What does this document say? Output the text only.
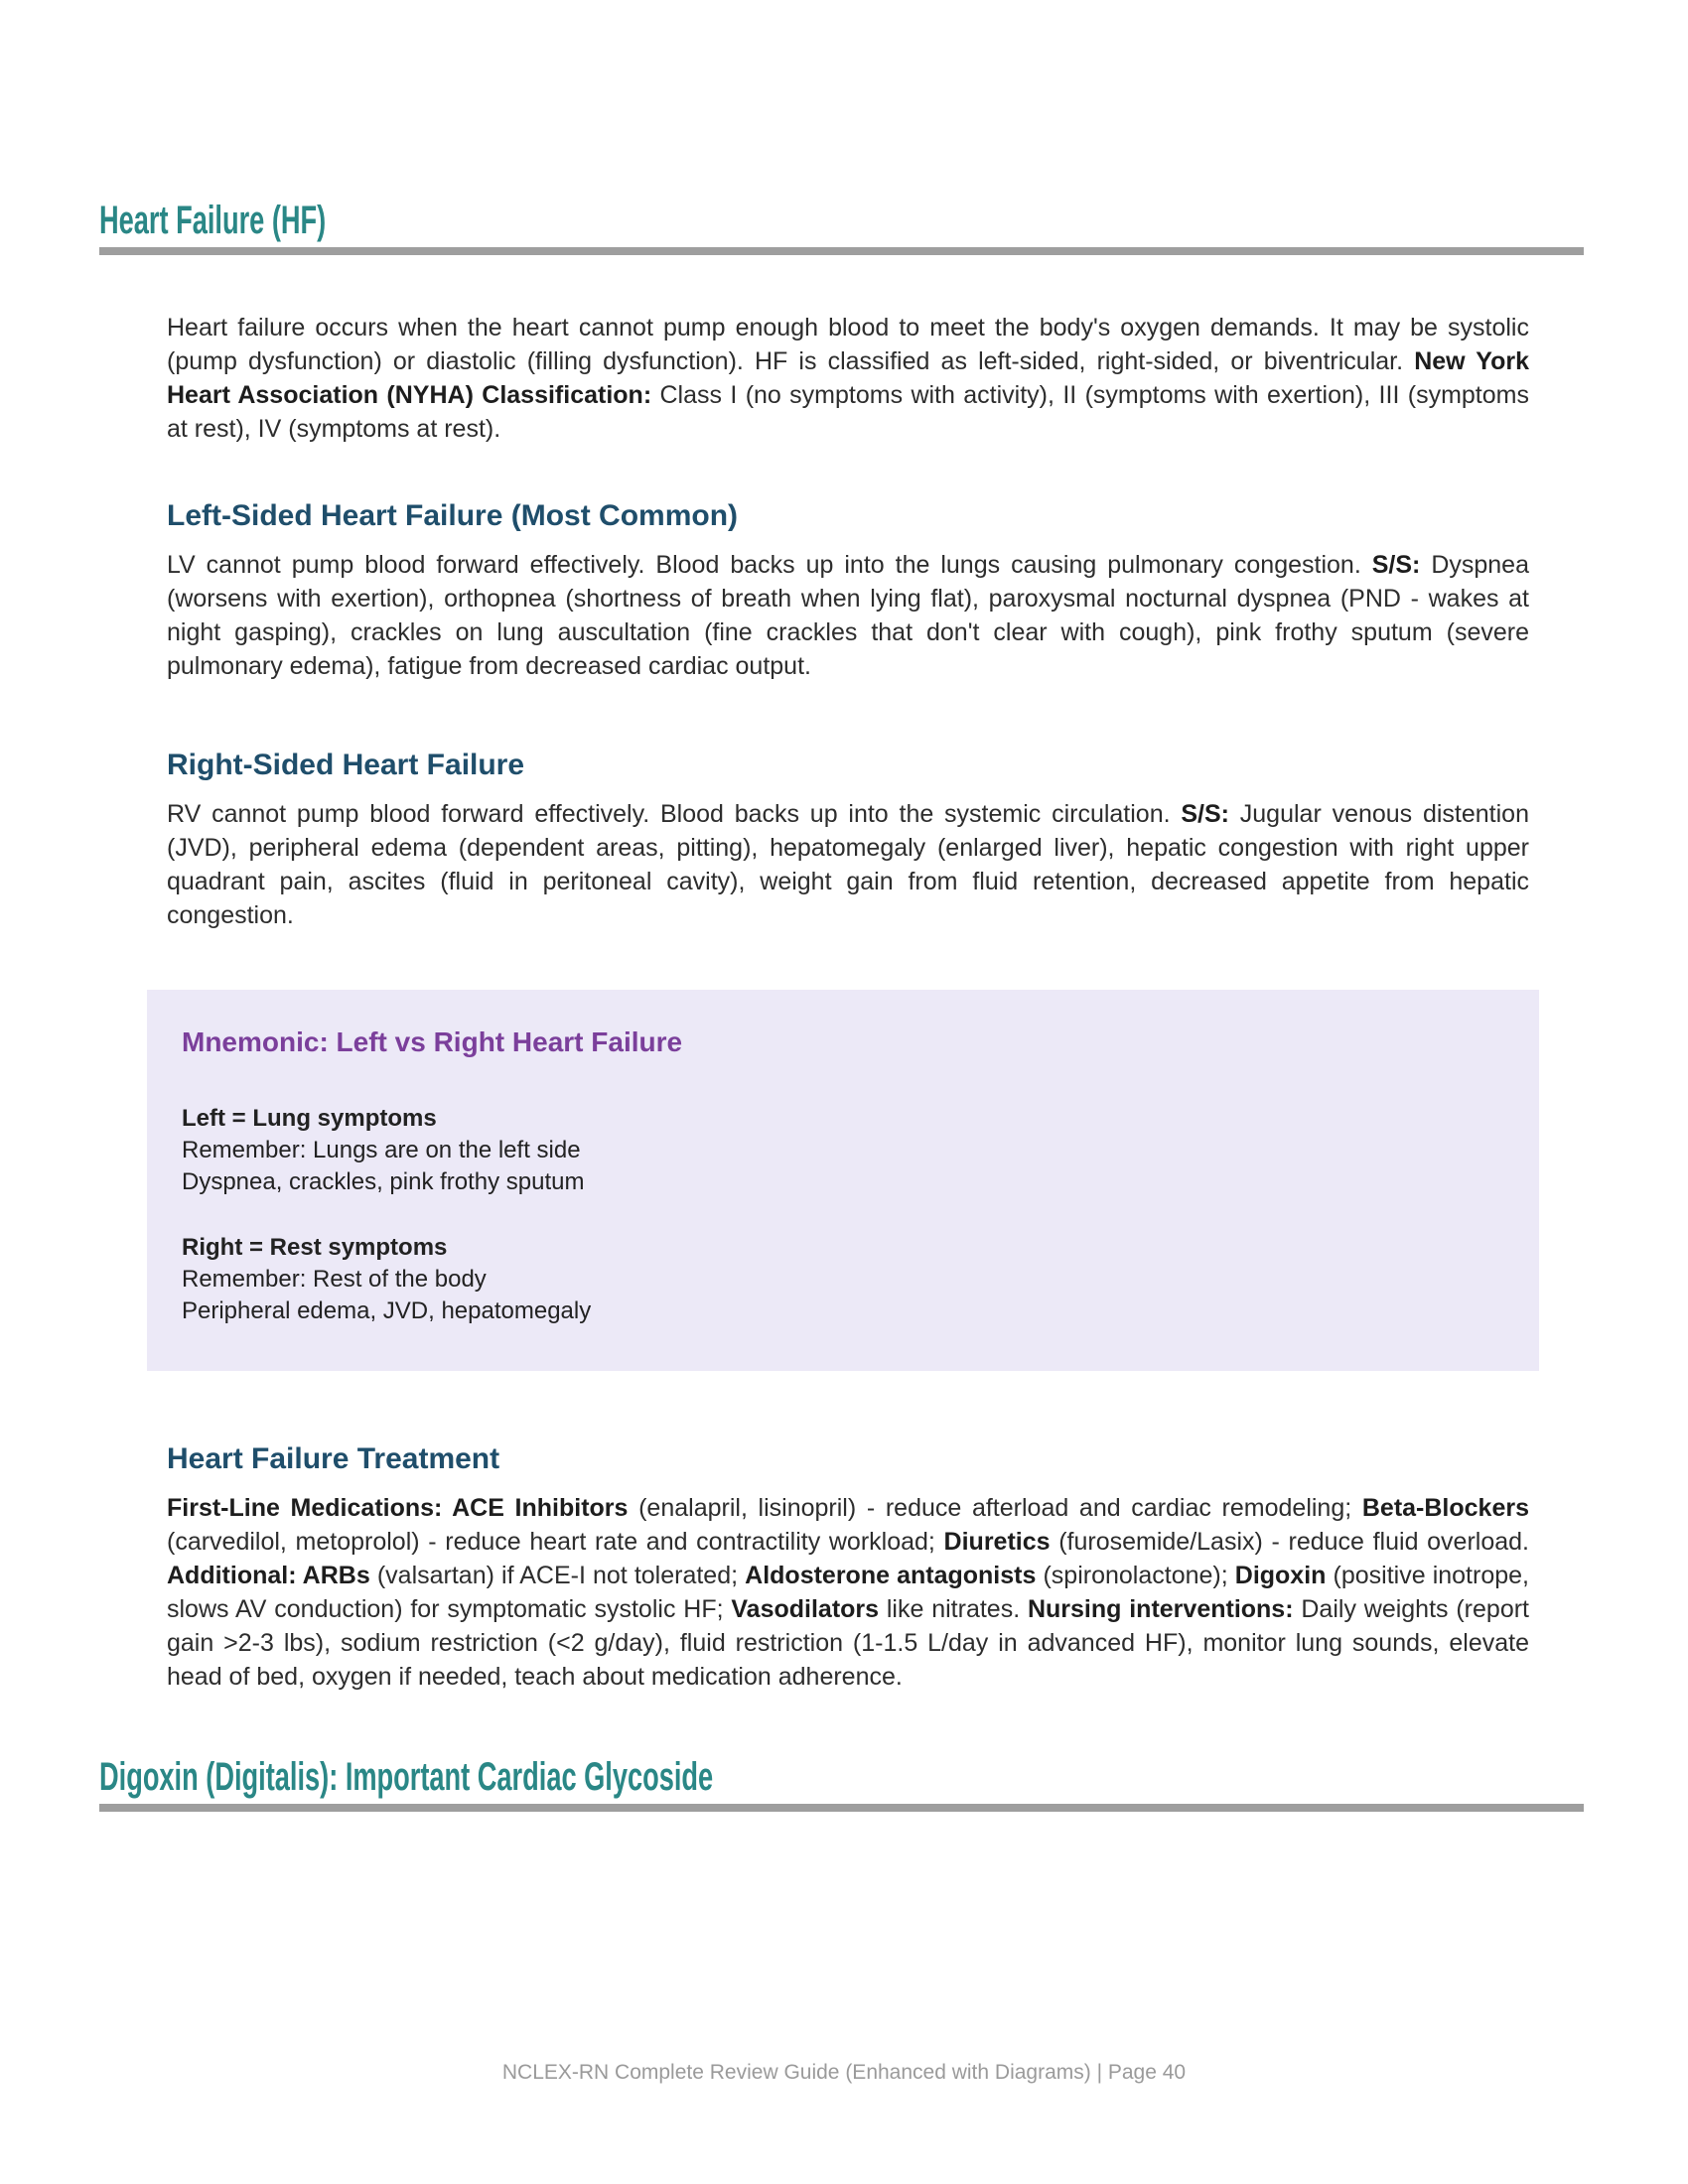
Heart Failure (HF)

Heart failure occurs when the heart cannot pump enough blood to meet the body's oxygen demands. It may be systolic (pump dysfunction) or diastolic (filling dysfunction). HF is classified as left-sided, right-sided, or biventricular. New York Heart Association (NYHA) Classification: Class I (no symptoms with activity), II (symptoms with exertion), III (symptoms at rest), IV (symptoms at rest).

Left-Sided Heart Failure (Most Common)

LV cannot pump blood forward effectively. Blood backs up into the lungs causing pulmonary congestion. S/S: Dyspnea (worsens with exertion), orthopnea (shortness of breath when lying flat), paroxysmal nocturnal dyspnea (PND - wakes at night gasping), crackles on lung auscultation (fine crackles that don't clear with cough), pink frothy sputum (severe pulmonary edema), fatigue from decreased cardiac output.

Right-Sided Heart Failure

RV cannot pump blood forward effectively. Blood backs up into the systemic circulation. S/S: Jugular venous distention (JVD), peripheral edema (dependent areas, pitting), hepatomegaly (enlarged liver), hepatic congestion with right upper quadrant pain, ascites (fluid in peritoneal cavity), weight gain from fluid retention, decreased appetite from hepatic congestion.

Mnemonic: Left vs Right Heart Failure

Left = Lung symptoms

Remember: Lungs are on the left side

Dyspnea, crackles, pink frothy sputum

Right = Rest symptoms

Remember: Rest of the body

Peripheral edema, JVD, hepatomegaly

Heart Failure Treatment

First-Line Medications: ACE Inhibitors (enalapril, lisinopril) - reduce afterload and cardiac remodeling; Beta-Blockers (carvedilol, metoprolol) - reduce heart rate and contractility workload; Diuretics (furosemide/Lasix) - reduce fluid overload. Additional: ARBs (valsartan) if ACE-I not tolerated; Aldosterone antagonists (spironolactone); Digoxin (positive inotrope, slows AV conduction) for symptomatic systolic HF; Vasodilators like nitrates. Nursing interventions: Daily weights (report gain >2-3 lbs), sodium restriction (<2 g/day), fluid restriction (1-1.5 L/day in advanced HF), monitor lung sounds, elevate head of bed, oxygen if needed, teach about medication adherence.

Digoxin (Digitalis): Important Cardiac Glycoside
NCLEX-RN Complete Review Guide (Enhanced with Diagrams) | Page 40
